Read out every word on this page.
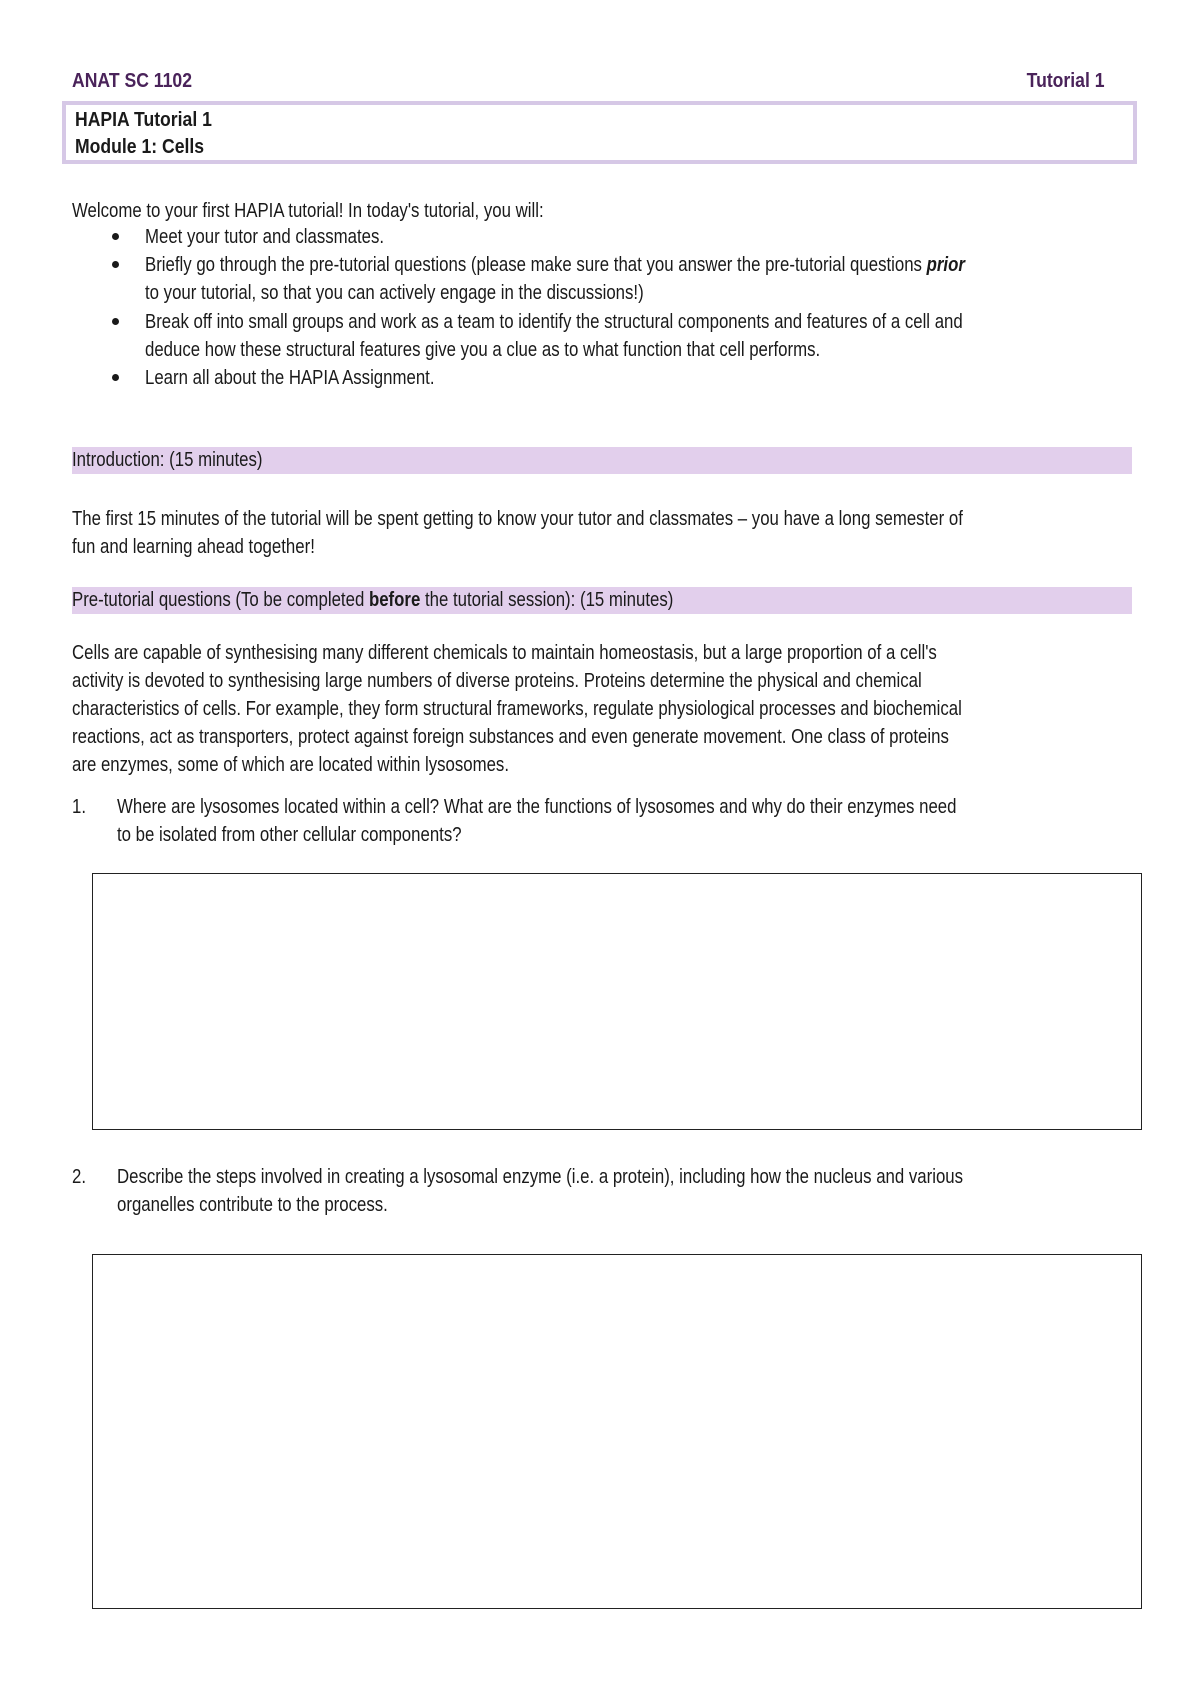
ANAT SC 1102	Tutorial 1
HAPIA Tutorial 1
Module 1: Cells
Welcome to your first HAPIA tutorial! In today's tutorial, you will:
Meet your tutor and classmates.
Briefly go through the pre-tutorial questions (please make sure that you answer the pre-tutorial questions prior
to your tutorial, so that you can actively engage in the discussions!)
Break off into small groups and work as a team to identify the structural components and features of a cell and
deduce how these structural features give you a clue as to what function that cell performs.
Learn all about the HAPIA Assignment.
Introduction: (15 minutes)
The first 15 minutes of the tutorial will be spent getting to know your tutor and classmates – you have a long semester of
fun and learning ahead together!
Pre-tutorial questions (To be completed before the tutorial session): (15 minutes)
Cells are capable of synthesising many different chemicals to maintain homeostasis, but a large proportion of a cell's
activity is devoted to synthesising large numbers of diverse proteins. Proteins determine the physical and chemical
characteristics of cells. For example, they form structural frameworks, regulate physiological processes and biochemical
reactions, act as transporters, protect against foreign substances and even generate movement. One class of proteins
are enzymes, some of which are located within lysosomes.
1. Where are lysosomes located within a cell? What are the functions of lysosomes and why do their enzymes need
to be isolated from other cellular components?
2. Describe the steps involved in creating a lysosomal enzyme (i.e. a protein), including how the nucleus and various
organelles contribute to the process.
